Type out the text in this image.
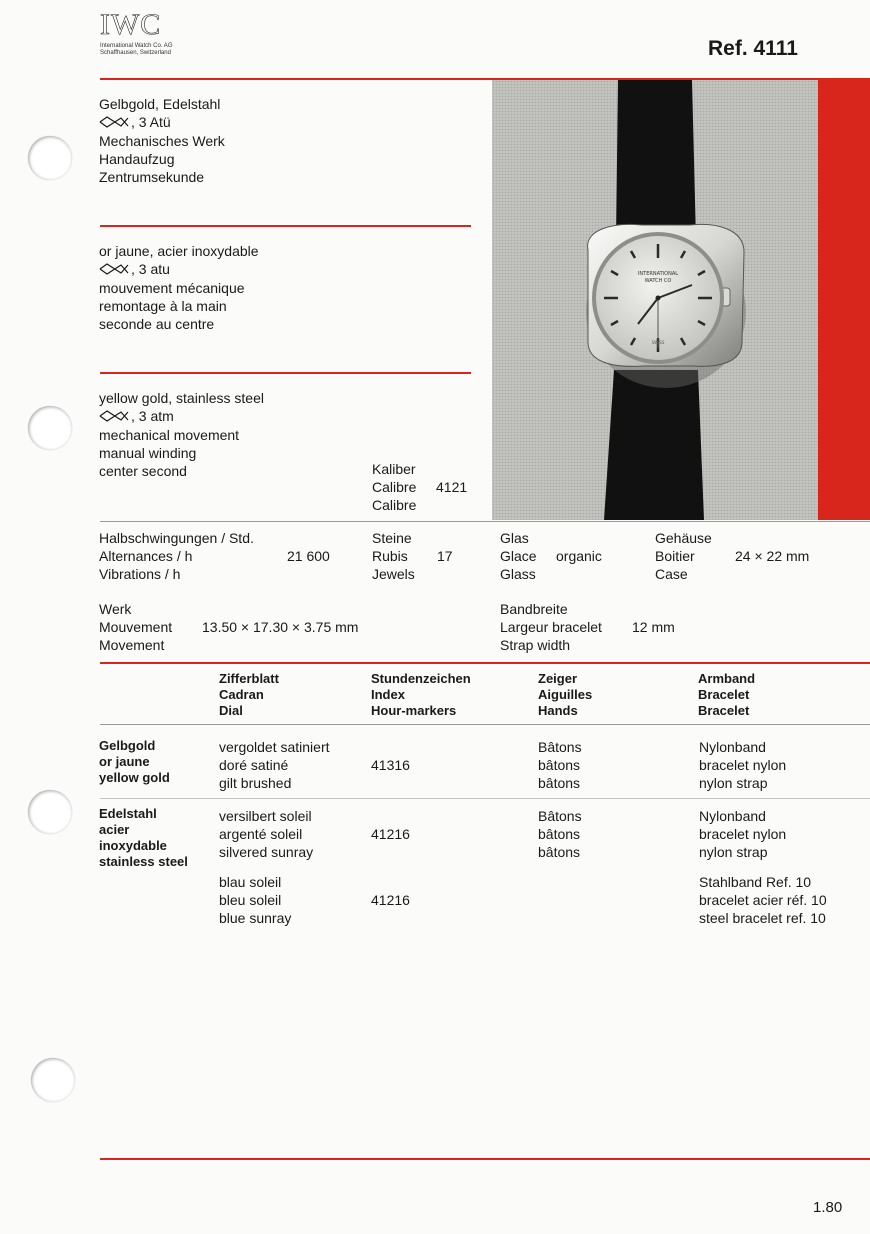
IWC
International Watch Co. AG
Schaffhausen, Switzerland	Ref. 4111
Gelbgold, Edelstahl
, 3 Atü
Mechanisches Werk
Handaufzug
Zentrumsekunde
or jaune, acier inoxydable
, 3 atu
mouvement mécanique
remontage à la main
seconde au centre
yellow gold, stainless steel
, 3 atm
mechanical movement
manual winding
center second	Kaliber
Calibre
Calibre
4121
INTERNATIONAL
WATCH CO
SWISS
Halbschwingungen / Std.
Alternances / h
Vibrations / h
21 600
Steine
Rubis
Jewels
17
Glas
Glace
Glass
organic
Gehäuse
Boitier
Case
24 × 22 mm
Werk
Mouvement
Movement
13.50 × 17.30 × 3.75 mm
Bandbreite
Largeur bracelet
Strap width
12 mm
Zifferblatt
Cadran
Dial
Stundenzeichen
Index
Hour-markers
Zeiger
Aiguilles
Hands
Armband
Bracelet
Bracelet
Gelbgold
or jaune
yellow gold
vergoldet satiniert
doré satiné
gilt brushed
41316
Bâtons
bâtons
bâtons
Nylonband
bracelet nylon
nylon strap
Edelstahl
acier
inoxydable
stainless steel
versilbert soleil
argenté soleil
silvered sunray
41216
Bâtons
bâtons
bâtons
Nylonband
bracelet nylon
nylon strap
blau soleil
bleu soleil
blue sunray
41216
Stahlband Ref. 10
bracelet acier réf. 10
steel bracelet ref. 10
1.80
